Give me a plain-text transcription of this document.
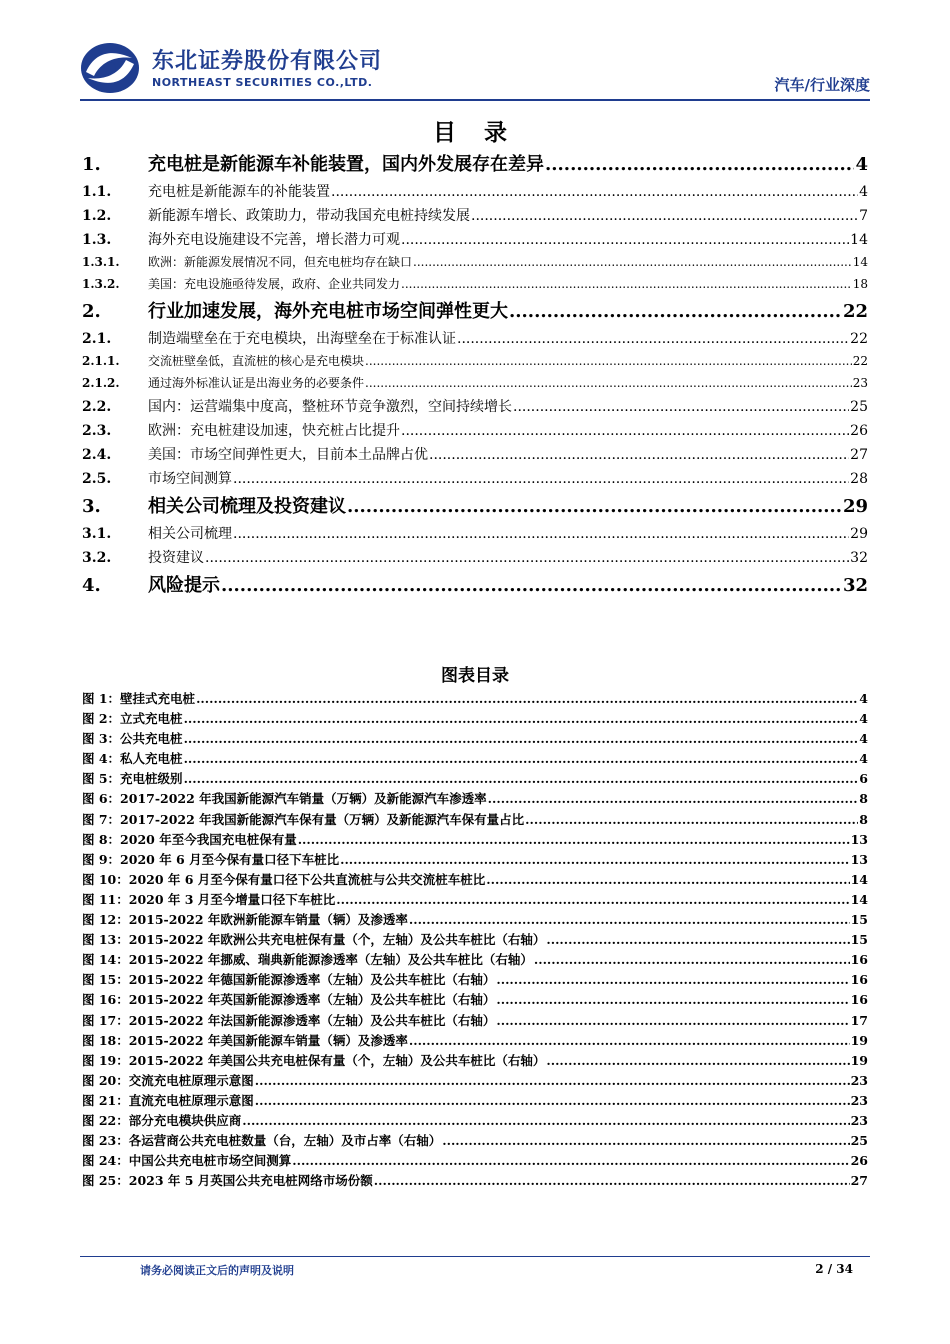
东北证券股份有限公司
NORTHEAST SECURITIES CO.,LTD.	汽车/行业深度
目 录
1.	充电桩是新能源车补能装置，国内外发展存在差异 .....	4
1.1.	充电桩是新能源车的补能装置 .....	4
1.2.	新能源车增长、政策助力，带动我国充电桩持续发展 .....	7
1.3.	海外充电设施建设不完善，增长潜力可观 .....	14
1.3.1.	欧洲：新能源发展情况不同，但充电桩均存在缺口 .....	14
1.3.2.	美国：充电设施亟待发展，政府、企业共同发力 .....	18
2.	行业加速发展，海外充电桩市场空间弹性更大 .....	22
2.1.	制造端壁垒在于充电模块，出海壁垒在于标准认证 .....	22
2.1.1.	交流桩壁垒低，直流桩的核心是充电模块 .....	22
2.1.2.	通过海外标准认证是出海业务的必要条件 .....	23
2.2.	国内：运营端集中度高，整桩环节竞争激烈，空间持续增长 .....	25
2.3.	欧洲：充电桩建设加速，快充桩占比提升 .....	26
2.4.	美国：市场空间弹性更大，目前本土品牌占优 .....	27
2.5.	市场空间测算 .....	28
3.	相关公司梳理及投资建议 .....	29
3.1.	相关公司梳理 .....	29
3.2.	投资建议 .....	32
4.	风险提示 .....	32
图表目录
图 1：壁挂式充电桩 .....	4
图 2：立式充电桩 .....	4
图 3：公共充电桩 .....	4
图 4：私人充电桩 .....	4
图 5：充电桩级别 .....	6
图 6：2017-2022 年我国新能源汽车销量（万辆）及新能源汽车渗透率 .....	8
图 7：2017-2022 年我国新能源汽车保有量（万辆）及新能源汽车保有量占比 .....	8
图 8：2020 年至今我国充电桩保有量 .....	13
图 9：2020 年 6 月至今保有量口径下车桩比 .....	13
图 10：2020 年 6 月至今保有量口径下公共直流桩与公共交流桩车桩比 .....	14
图 11：2020 年 3 月至今增量口径下车桩比 .....	14
图 12：2015-2022 年欧洲新能源车销量（辆）及渗透率 .....	15
图 13：2015-2022 年欧洲公共充电桩保有量（个，左轴）及公共车桩比（右轴） .....	15
图 14：2015-2022 年挪威、瑞典新能源渗透率（左轴）及公共车桩比（右轴） .....	16
图 15：2015-2022 年德国新能源渗透率（左轴）及公共车桩比（右轴） .....	16
图 16：2015-2022 年英国新能源渗透率（左轴）及公共车桩比（右轴） .....	16
图 17：2015-2022 年法国新能源渗透率（左轴）及公共车桩比（右轴） .....	17
图 18：2015-2022 年美国新能源车销量（辆）及渗透率 .....	19
图 19：2015-2022 年美国公共充电桩保有量（个，左轴）及公共车桩比（右轴） .....	19
图 20：交流充电桩原理示意图 .....	23
图 21：直流充电桩原理示意图 .....	23
图 22：部分充电模块供应商 .....	23
图 23：各运营商公共充电桩数量（台，左轴）及市占率（右轴） .....	25
图 24：中国公共充电桩市场空间测算 .....	26
图 25：2023 年 5 月英国公共充电桩网络市场份额 .....	27
请务必阅读正文后的声明及说明	2 / 34
